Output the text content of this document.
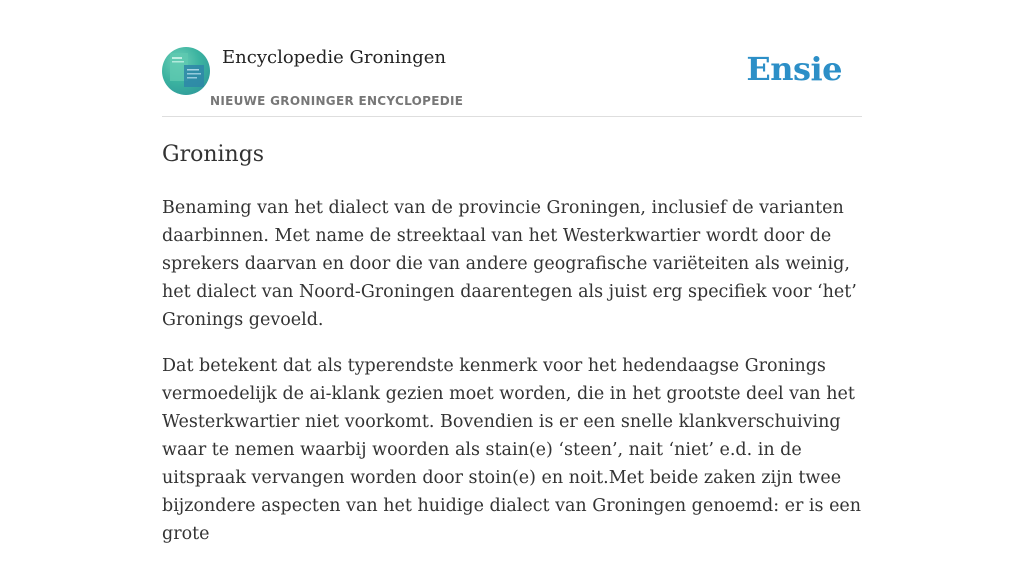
Encyclopedie Groningen
NIEUWE GRONINGER ENCYCLOPEDIE
Ensie
Gronings

Benaming van het dialect van de provincie Groningen, inclusief de varianten daarbinnen. Met name de streektaal van het Westerkwartier wordt door de sprekers daarvan en door die van andere geografische variëteiten als weinig, het dialect van Noord-Groningen daarentegen als juist erg specifiek voor ‘het’ Gronings gevoeld.

Dat betekent dat als typerendste kenmerk voor het hedendaagse Gronings vermoedelijk de ai-klank gezien moet worden, die in het grootste deel van het Westerkwartier niet voorkomt. Bovendien is er een snelle klankverschuiving waar te nemen waarbij woorden als stain(e) ‘steen’, nait ‘niet’ e.d. in de uitspraak vervangen worden door stoin(e) en noit.Met beide zaken zijn twee bijzondere aspecten van het huidige dialect van Groningen genoemd: er is een grote
